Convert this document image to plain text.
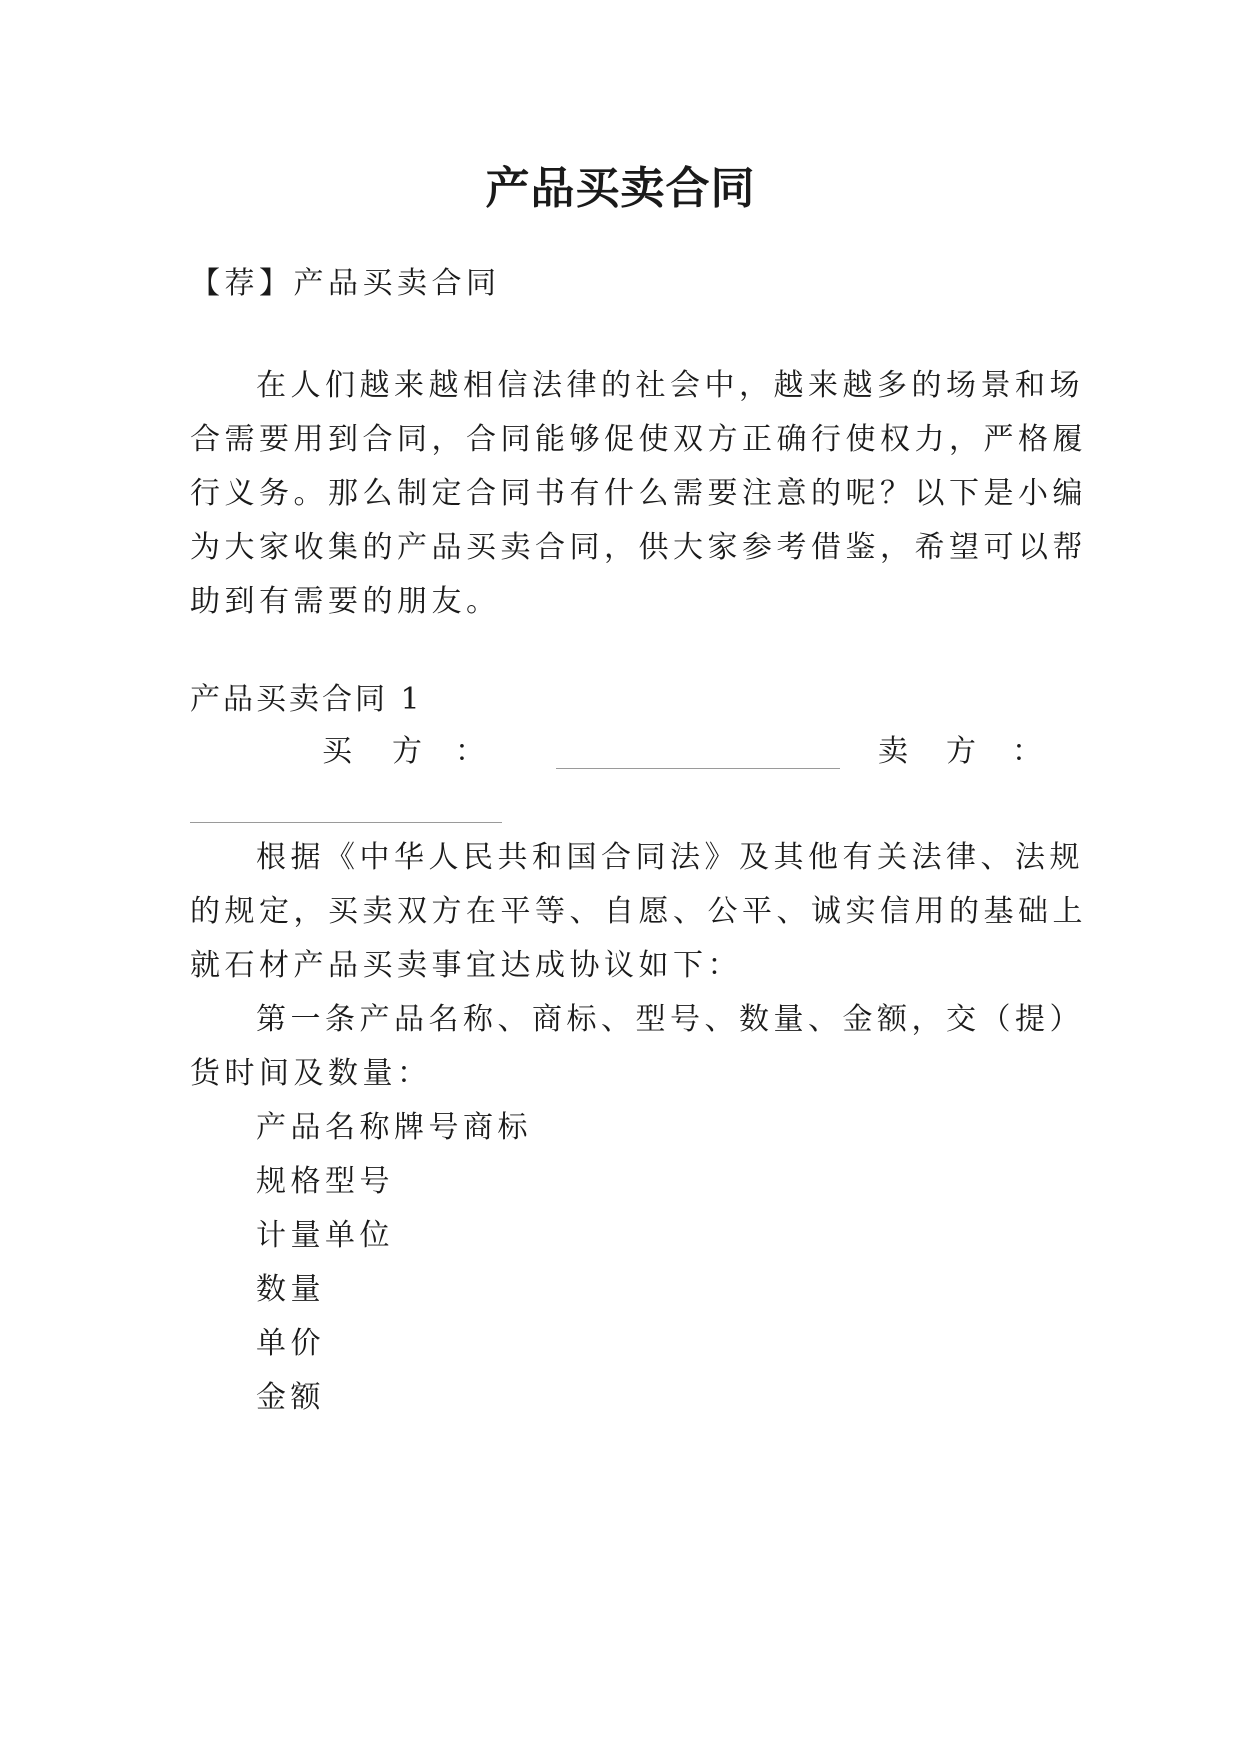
产品买卖合同
【荐】产品买卖合同
在人们越来越相信法律的社会中，越来越多的场景和场
合需要用到合同，合同能够促使双方正确行使权力，严格履
行义务。那么制定合同书有什么需要注意的呢？以下是小编
为大家收集的产品买卖合同，供大家参考借鉴，希望可以帮
助到有需要的朋友。
产品买卖合同 1
买 方 ：	卖 方 ：
根据《中华人民共和国合同法》及其他有关法律、法规
的规定，买卖双方在平等、自愿、公平、诚实信用的基础上
就石材产品买卖事宜达成协议如下：
第一条产品名称、商标、型号、数量、金额，交（提）
货时间及数量：
产品名称牌号商标
规格型号
计量单位
数量
单价
金额
